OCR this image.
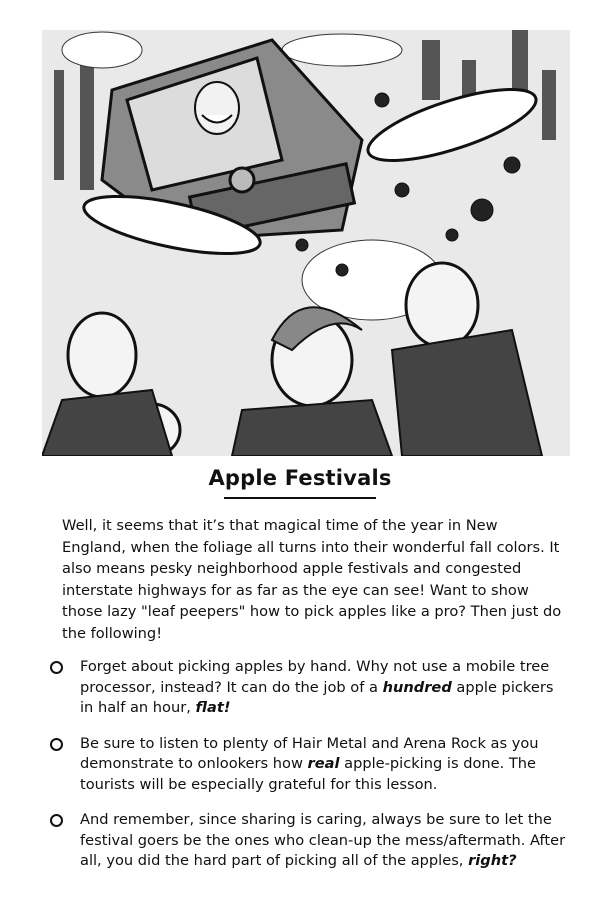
Apple Festivals
Well, it seems that it’s that magical time of the year in New England, when the foliage all turns into their wonderful fall colors. It also means pesky neighborhood apple festivals and congested interstate highways for as far as the eye can see! Want to show those lazy "leaf peepers" how to pick apples like a pro? Then just do the following!
Forget about picking apples by hand. Why not use a mobile tree processor, instead? It can do the job of a hundred apple pickers in half an hour, flat!
Be sure to listen to plenty of Hair Metal and Arena Rock as you demonstrate to onlookers how real apple-picking is done. The tourists will be especially grateful for this lesson.
And remember, since sharing is caring, always be sure to let the festival goers be the ones who clean-up the mess/aftermath. After all, you did the hard part of picking all of the apples, right?
